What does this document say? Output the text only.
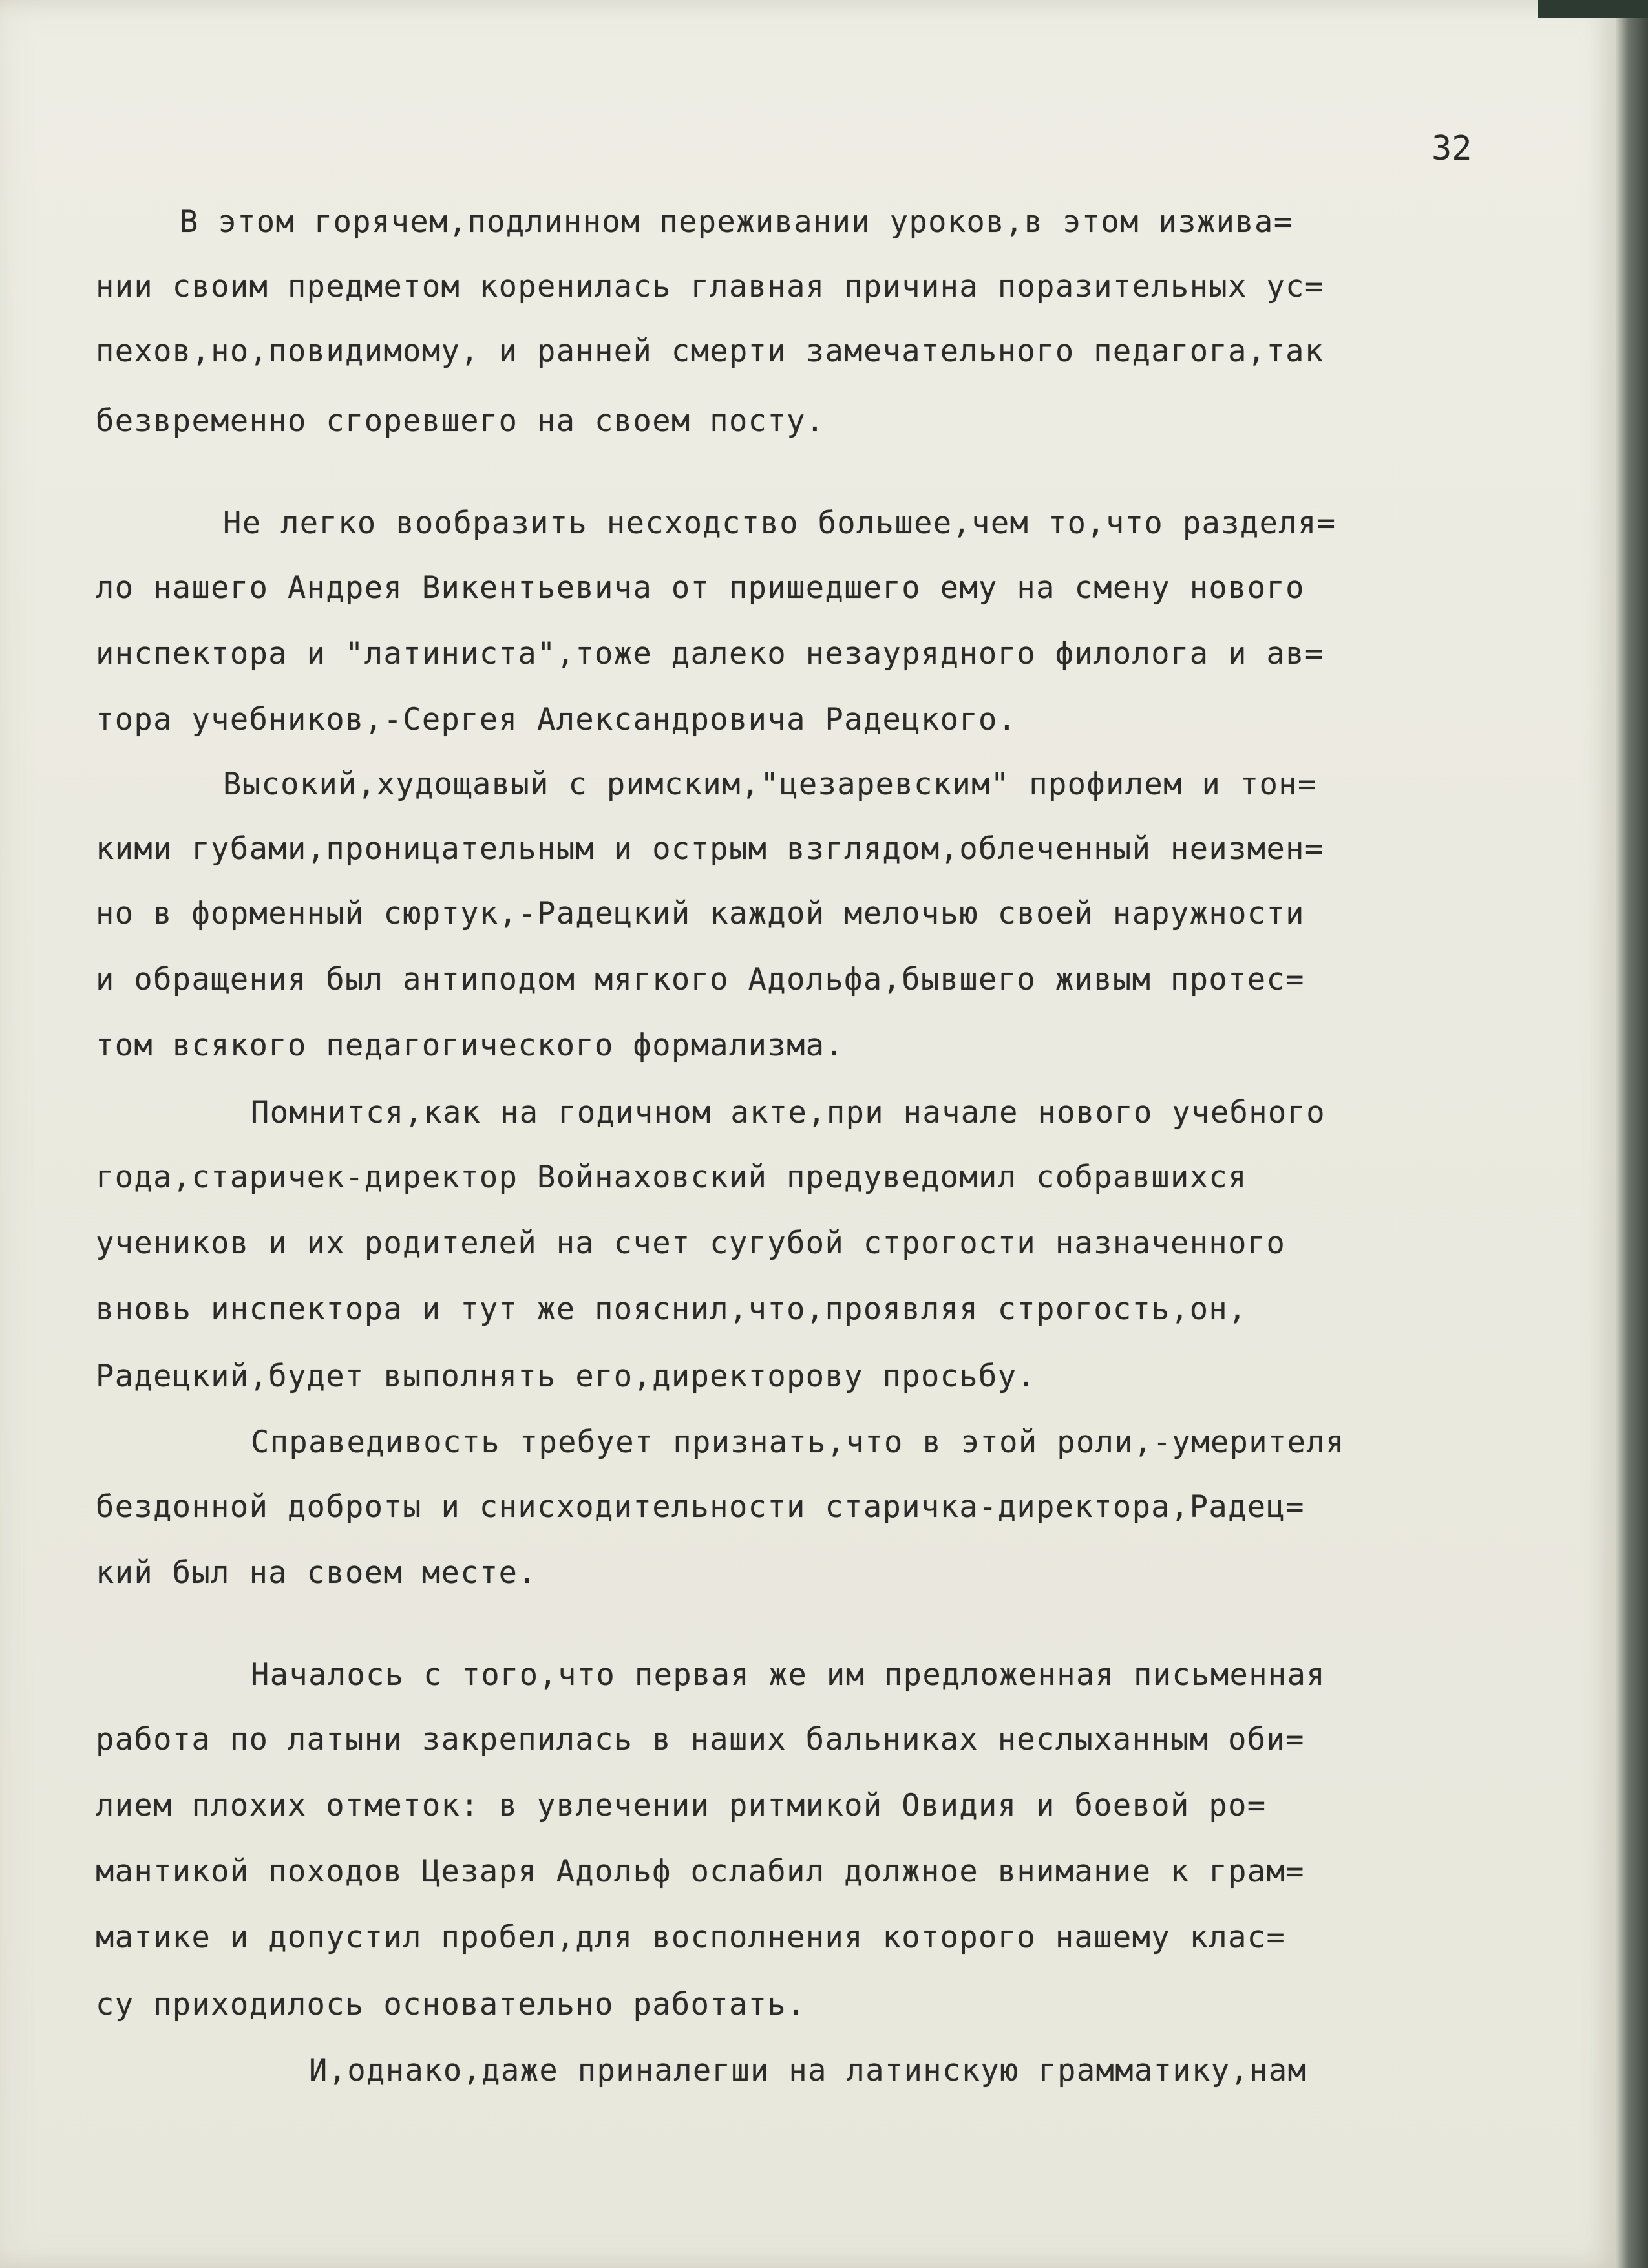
32
В этом горячем,подлинном переживании уроков,в этом изжива=
нии своим предметом коренилась главная причина поразительных ус=
пехов,но,повидимому, и ранней смерти замечательного педагога,так
безвременно сгоревшего на своем посту.
Не легко вообразить несходство большее,чем то,что разделя=
ло нашего Андрея Викентьевича от пришедшего ему на смену нового
инспектора и "латиниста",тоже далеко незаурядного филолога и ав=
тора учебников,-Сергея Александровича Радецкого.
Высокий,худощавый с римским,"цезаревским" профилем и тон=
кими губами,проницательным и острым взглядом,облеченный неизмен=
но в форменный сюртук,-Радецкий каждой мелочью своей наружности
и обращения был антиподом мягкого Адольфа,бывшего живым протес=
том всякого педагогического формализма.
Помнится,как на годичном акте,при начале нового учебного
года,старичек-директор Войнаховский предуведомил собравшихся
учеников и их родителей на счет сугубой строгости назначенного
вновь инспектора и тут же пояснил,что,проявляя строгость,он,
Радецкий,будет выполнять его,директорову просьбу.
Справедивость требует признать,что в этой роли,-умерителя
бездонной доброты и снисходительности старичка-директора,Радец=
кий был на своем месте.
Началось с того,что первая же им предложенная письменная
работа по латыни закрепилась в наших бальниках неслыханным оби=
лием плохих отметок: в увлечении ритмикой Овидия и боевой ро=
мантикой походов Цезаря Адольф ослабил должное внимание к грам=
матике и допустил пробел,для восполнения которого нашему клас=
су приходилось основательно работать.
И,однако,даже приналегши на латинскую грамматику,нам
